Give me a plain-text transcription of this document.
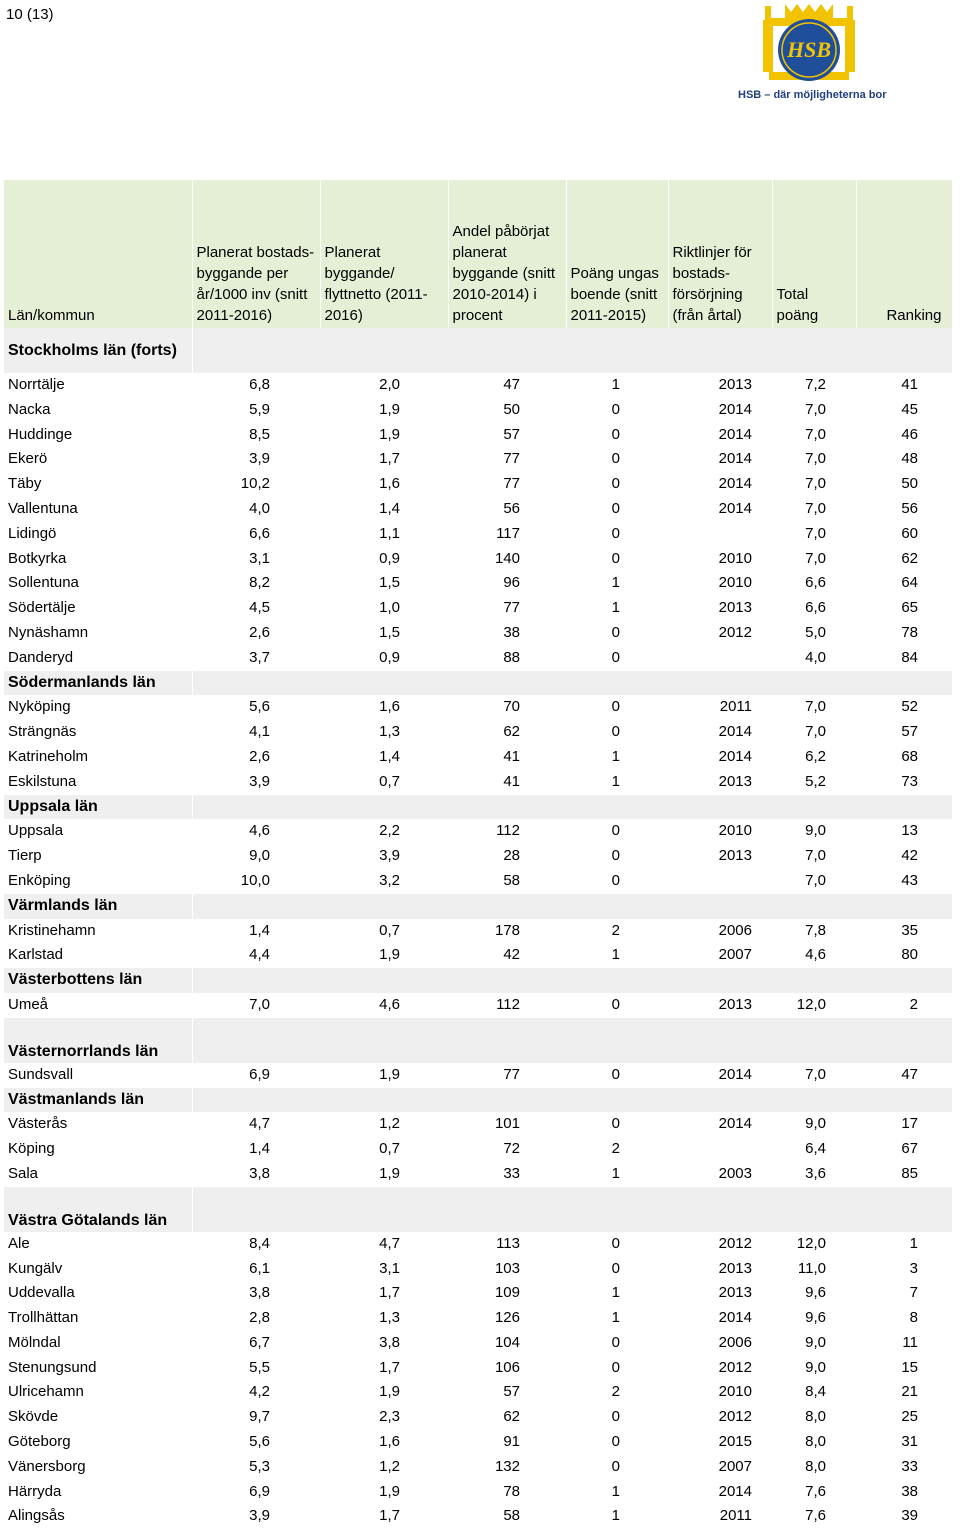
10 (13)
HSB
HSB – där möjligheterna bor
Län/kommun	Planerat bostads-byggande per år/1000 inv (snitt 2011-2016)	Planerat byggande/ flyttnetto (2011-2016)	Andel påbörjat planerat byggande (snitt 2010-2014) i procent	Poäng ungas boende (snitt 2011-2015)	Riktlinjer för bostads-försörjning (från årtal)	Total poäng	Ranking
Stockholms län (forts)							
Norrtälje	6,8	2,0	47	1	2013	7,2	41
Nacka	5,9	1,9	50	0	2014	7,0	45
Huddinge	8,5	1,9	57	0	2014	7,0	46
Ekerö	3,9	1,7	77	0	2014	7,0	48
Täby	10,2	1,6	77	0	2014	7,0	50
Vallentuna	4,0	1,4	56	0	2014	7,0	56
Lidingö	6,6	1,1	117	0		7,0	60
Botkyrka	3,1	0,9	140	0	2010	7,0	62
Sollentuna	8,2	1,5	96	1	2010	6,6	64
Södertälje	4,5	1,0	77	1	2013	6,6	65
Nynäshamn	2,6	1,5	38	0	2012	5,0	78
Danderyd	3,7	0,9	88	0		4,0	84
Södermanlands län							
Nyköping	5,6	1,6	70	0	2011	7,0	52
Strängnäs	4,1	1,3	62	0	2014	7,0	57
Katrineholm	2,6	1,4	41	1	2014	6,2	68
Eskilstuna	3,9	0,7	41	1	2013	5,2	73
Uppsala län							
Uppsala	4,6	2,2	112	0	2010	9,0	13
Tierp	9,0	3,9	28	0	2013	7,0	42
Enköping	10,0	3,2	58	0		7,0	43
Värmlands län							
Kristinehamn	1,4	0,7	178	2	2006	7,8	35
Karlstad	4,4	1,9	42	1	2007	4,6	80
Västerbottens län							
Umeå	7,0	4,6	112	0	2013	12,0	2
Västernorrlands län							
Sundsvall	6,9	1,9	77	0	2014	7,0	47
Västmanlands län							
Västerås	4,7	1,2	101	0	2014	9,0	17
Köping	1,4	0,7	72	2		6,4	67
Sala	3,8	1,9	33	1	2003	3,6	85
Västra Götalands län							
Ale	8,4	4,7	113	0	2012	12,0	1
Kungälv	6,1	3,1	103	0	2013	11,0	3
Uddevalla	3,8	1,7	109	1	2013	9,6	7
Trollhättan	2,8	1,3	126	1	2014	9,6	8
Mölndal	6,7	3,8	104	0	2006	9,0	11
Stenungsund	5,5	1,7	106	0	2012	9,0	15
Ulricehamn	4,2	1,9	57	2	2010	8,4	21
Skövde	9,7	2,3	62	0	2012	8,0	25
Göteborg	5,6	1,6	91	0	2015	8,0	31
Vänersborg	5,3	1,2	132	0	2007	8,0	33
Härryda	6,9	1,9	78	1	2014	7,6	38
Alingsås	3,9	1,7	58	1	2011	7,6	39
